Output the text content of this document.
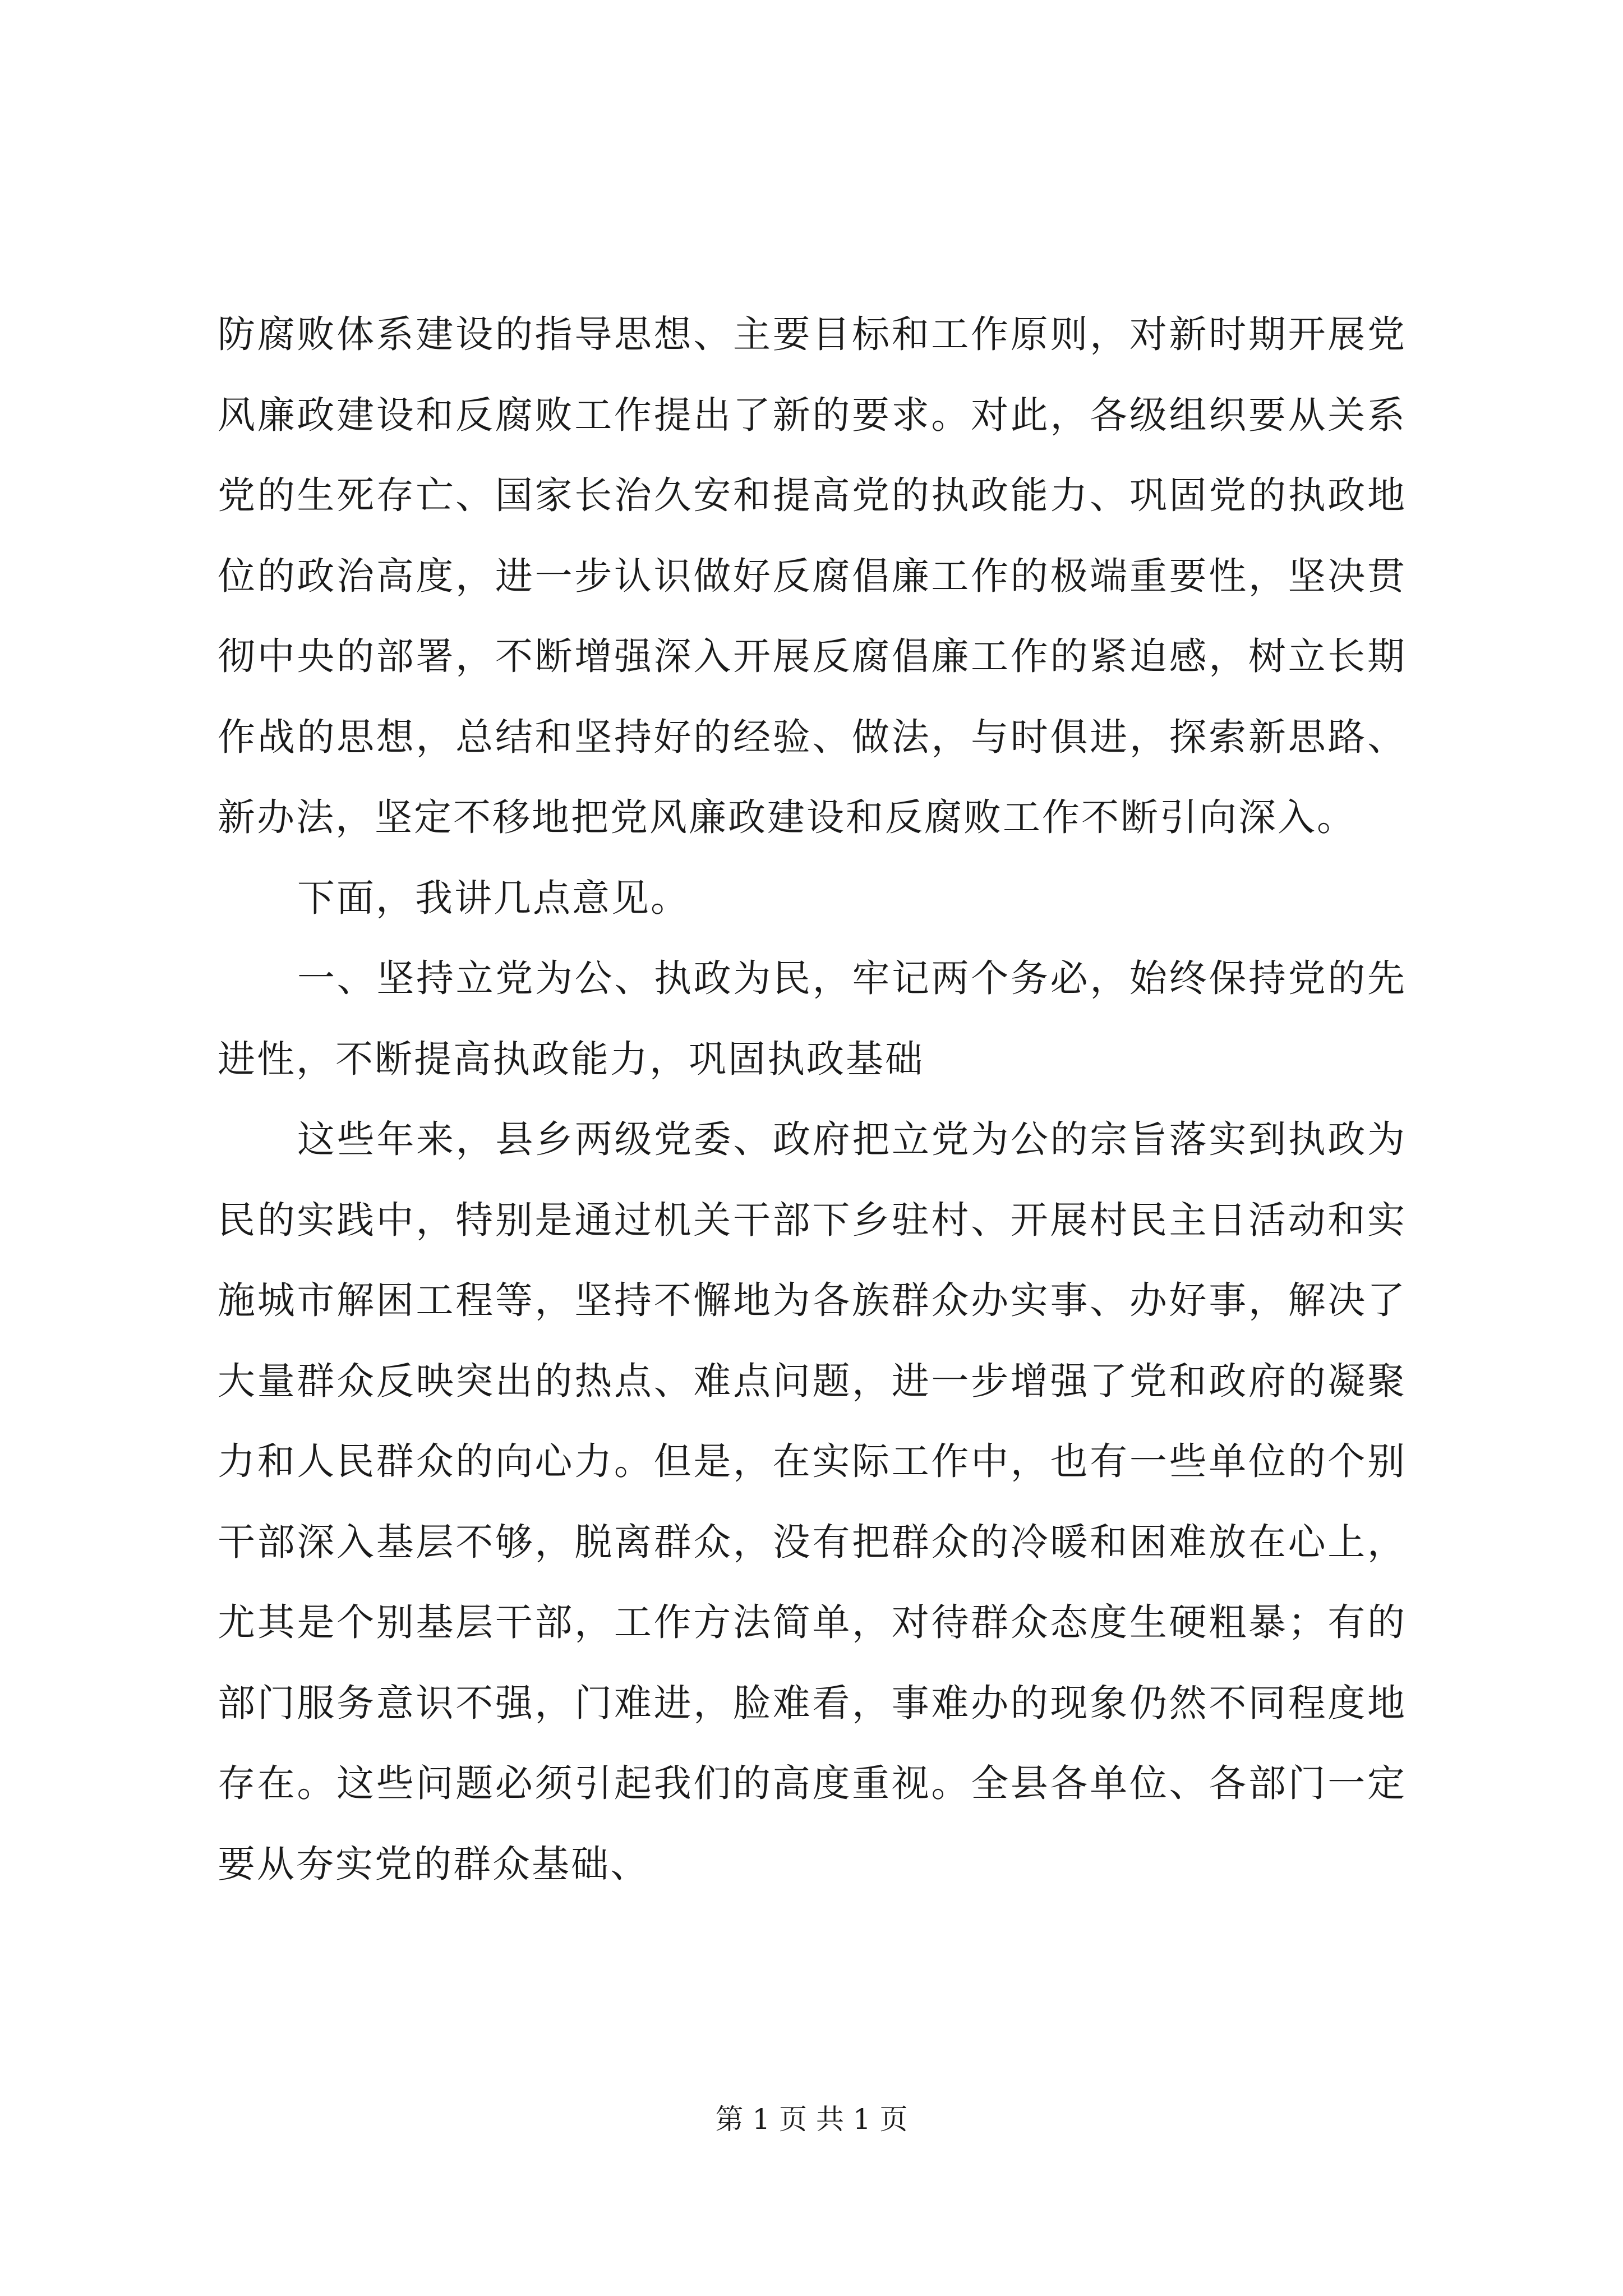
防腐败体系建设的指导思想、主要目标和工作原则，对新时期开展党风廉政建设和反腐败工作提出了新的要求。对此，各级组织要从关系党的生死存亡、国家长治久安和提高党的执政能力、巩固党的执政地位的政治高度，进一步认识做好反腐倡廉工作的极端重要性，坚决贯彻中央的部署，不断增强深入开展反腐倡廉工作的紧迫感，树立长期作战的思想，总结和坚持好的经验、做法，与时俱进，探索新思路、新办法，坚定不移地把党风廉政建设和反腐败工作不断引向深入。

下面，我讲几点意见。

一、坚持立党为公、执政为民，牢记两个务必，始终保持党的先进性，不断提高执政能力，巩固执政基础

这些年来，县乡两级党委、政府把立党为公的宗旨落实到执政为民的实践中，特别是通过机关干部下乡驻村、开展村民主日活动和实施城市解困工程等，坚持不懈地为各族群众办实事、办好事，解决了大量群众反映突出的热点、难点问题，进一步增强了党和政府的凝聚力和人民群众的向心力。但是，在实际工作中，也有一些单位的个别干部深入基层不够，脱离群众，没有把群众的冷暖和困难放在心上，尤其是个别基层干部，工作方法简单，对待群众态度生硬粗暴；有的部门服务意识不强，门难进，脸难看，事难办的现象仍然不同程度地存在。这些问题必须引起我们的高度重视。全县各单位、各部门一定要从夯实党的群众基础、

第 1 页 共 1 页
